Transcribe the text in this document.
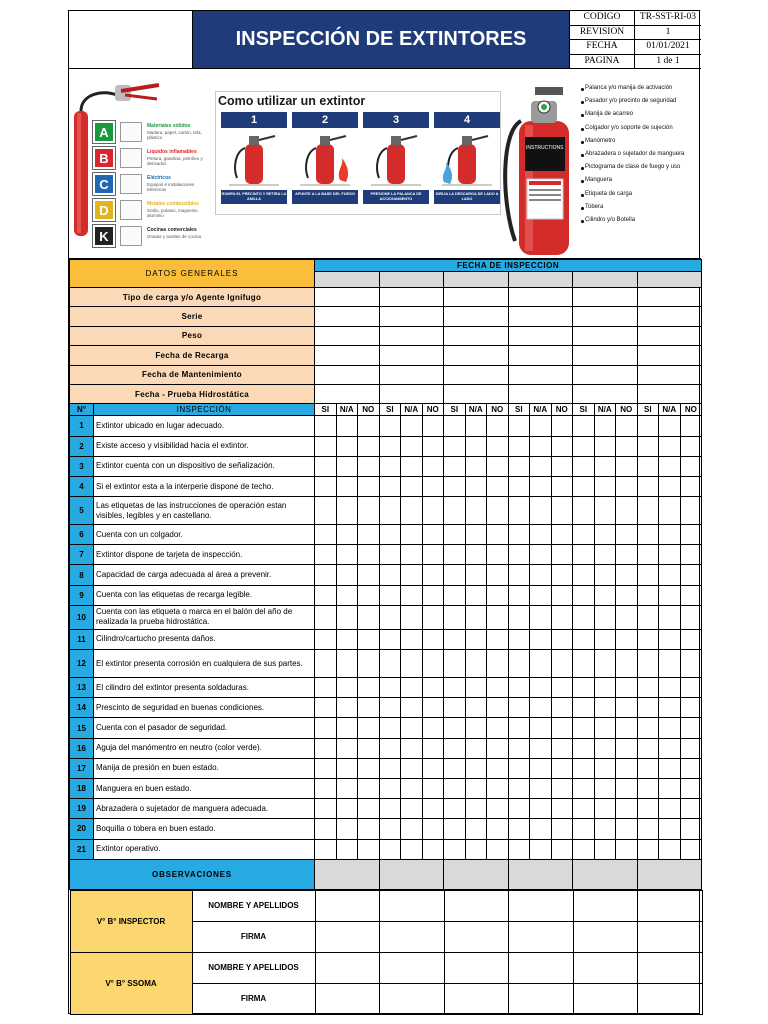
INSPECCIÓN DE EXTINTORES
CODIGO	TR-SST-RI-03
REVISION	1
FECHA	01/01/2021
PAGINA	1 de 1
A	Materiales sólidos
Madera, papel, cartón, tela, plástico
B	Líquidos inflamables
Pintura, gasolina, petróleo y derivados
C	Eléctricos
Equipos e instalaciones eléctricas
D	Metales combustibles
Sodio, potasio, magnesio, aluminio
K	Cocinas comerciales
Grasas y aceites de cocina
Como utilizar un extintor
1
ROMPA EL PRECINTO Y RETIRA LA ANILLA
2
APUNTE A LA BASE DEL FUEGO
3
PRESIONE LA PALANCA DE ACCIONAMIENTO
4
DIRIJA LA DESCARGA DE LADO A LADO
INSTRUCTIONS
Palanca y/o manija de activación
Pasador y/o precinto de seguridad
Manija de acarreo
Colgador y/o soporte de sujeción
Manómetro
Abrazadera o sujetador de manguera
Pictograma de clase de fuego y uso
Manguera
Etiqueta de carga
Tobera
Cilindro y/o Botella
DATOS GENERALES	FECHA DE INSPECCION

Tipo de carga y/o Agente Ignifugo						
Serie						
Peso						
Fecha de Recarga						
Fecha de Mantenimiento						
Fecha - Prueba Hidrostática						
N°	INSPECCIÓN	SI	N/A	NO	SI	N/A	NO	SI	N/A	NO	SI	N/A	NO	SI	N/A	NO	SI	N/A	NO
1	Extintor ubicado en lugar adecuado.																		
2	Existe acceso y visibilidad hacia el extintor.																		
3	Extintor cuenta con un dispositivo de señalización.																		
4	Si el extintor esta a la interperie dispone de techo.																		
5	Las etiquetas de las instrucciones de operación estan visibles, legibles y en castellano.																		
6	Cuenta con un colgador.																		
7	Extintor dispone de tarjeta de inspección.																		
8	Capacidad de carga adecuada al área a prevenir.																		
9	Cuenta con las etiquetas de recarga legible.																		
10	Cuenta con las etiqueta o marca en el balón del año de realizada la prueba hidrostática.																		
11	Cilindro/cartucho presenta daños.																		
12	El extintor presenta corrosión en cualquiera de sus partes.																		
13	El cilindro del extintor presenta soldaduras.																		
14	Prescinto de seguridad en buenas condiciones.																		
15	Cuenta con el pasador de seguridad.																		
16	Aguja del manómentro en neutro (color verde).																		
17	Manija de presión en buen estado.																		
18	Manguera en buen estado.																		
19	Abrazadera o sujetador de manguera adecuada.																		
20	Boquilla o tobera en buen estado.																		
21	Extintor operativo.																		
OBSERVACIONES						

V° B° INSPECTOR	NOMBRE Y APELLIDOS						
FIRMA						
V° B° SSOMA	NOMBRE Y APELLIDOS						
FIRMA						
